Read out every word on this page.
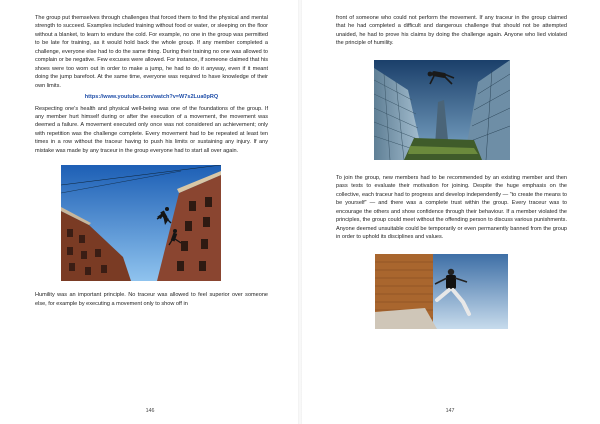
The group put themselves through challenges that forced them to find the physical and mental strength to succeed. Examples included training without food or water, or sleeping on the floor without a blanket, to learn to endure the cold. For example, no one in the group was permitted to be late for training, as it would hold back the whole group. If any member completed a challenge, everyone else had to do the same thing. During their training no one was allowed to complain or be negative. Few excuses were allowed. For instance, if someone claimed that his shoes were too worn out in order to make a jump, he had to do it anyway, even if it meant doing the jump barefoot. At the same time, everyone was required to have knowledge of their own limits.

https://www.youtube.com/watch?v=W7s2Lua0pRQ

Respecting one's health and physical well-being was one of the foundations of the group. If any member hurt himself during or after the execution of a movement, the movement was deemed a failure. A movement executed only once was not considered an achievement; only with repetition was the challenge complete. Every movement had to be repeated at least ten times in a row without the traceur having to push his limits or sustaining any injury. If any mistake was made by any traceur in the group everyone had to start all over again.

Humility was an important principle. No traceur was allowed to feel superior over someone else, for example by executing a movement only to show off in

146

front of someone who could not perform the movement. If any traceur in the group claimed that he had completed a difficult and dangerous challenge that should not be attempted unaided, he had to prove his claims by doing the challenge again. Anyone who lied violated the principle of humility.

To join the group, new members had to be recommended by an existing member and then pass tests to evaluate their motivation for joining. Despite the huge emphasis on the collective, each traceur had to progress and develop independently — “to create the means to be yourself” — and there was a complete trust within the group. Every traceur was to encourage the others and show confidence through their behaviour. If a member violated the principles, the group could meet without the offending person to discuss various punishments. Anyone deemed unsuitable could be temporarily or even permanently banned from the group in order to uphold its disciplines and values.

147
